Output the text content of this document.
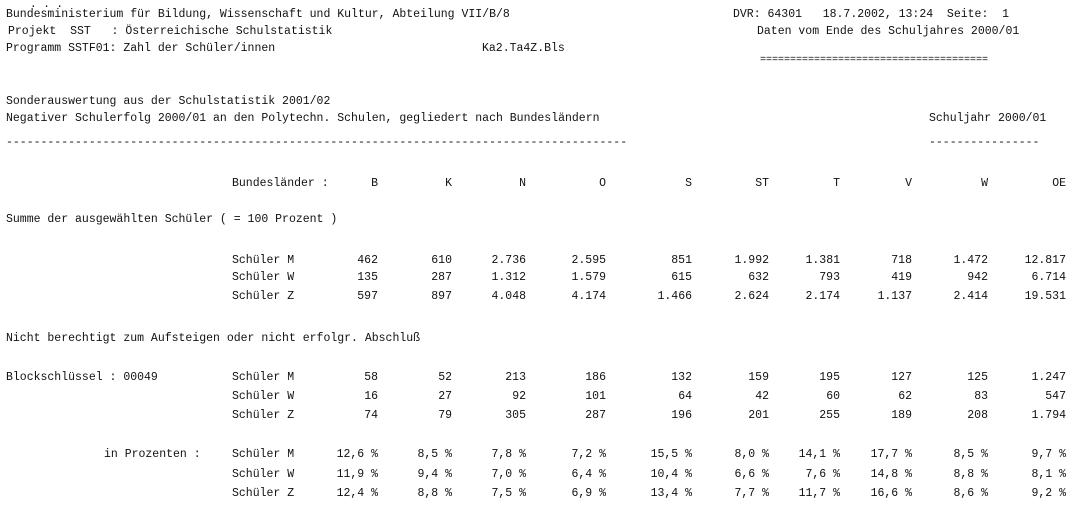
. . .
Bundesministerium für Bildung, Wissenschaft und Kultur, Abteilung VII/B/8	DVR: 64301   18.7.2002, 13:24  Seite:  1
Projekt  SST   : Österreichische Schulstatistik	Daten vom Ende des Schuljahres 2000/01
Programm SSTF01: Zahl der Schüler/innen	Ka2.Ta4Z.Bls
======================================
Sonderauswertung aus der Schulstatistik 2001/02
Negativer Schulerfolg 2000/01 an den Polytechn. Schulen, gegliedert nach Bundesländern	Schuljahr 2000/01
------------------------------------------------------------------------------------------	----------------
Bundesländer :	B	K	N	O	S	ST	T	V	W	OE
Summe der ausgewählten Schüler ( = 100 Prozent )
Nicht berechtigt zum Aufsteigen oder nicht erfolgr. Abschluß
Blockschlüssel : 00049
in Prozenten :
Schüler M	462	610	2.736	2.595	851	1.992	1.381	718	1.472	12.817
Schüler W	135	287	1.312	1.579	615	632	793	419	942	6.714
Schüler Z	597	897	4.048	4.174	1.466	2.624	2.174	1.137	2.414	19.531
Schüler M	58	52	213	186	132	159	195	127	125	1.247
Schüler W	16	27	92	101	64	42	60	62	83	547
Schüler Z	74	79	305	287	196	201	255	189	208	1.794
Schüler M	12,6 %	8,5 %	7,8 %	7,2 %	15,5 %	8,0 %	14,1 %	17,7 %	8,5 %	9,7 %
Schüler W	11,9 %	9,4 %	7,0 %	6,4 %	10,4 %	6,6 %	7,6 %	14,8 %	8,8 %	8,1 %
Schüler Z	12,4 %	8,8 %	7,5 %	6,9 %	13,4 %	7,7 %	11,7 %	16,6 %	8,6 %	9,2 %
